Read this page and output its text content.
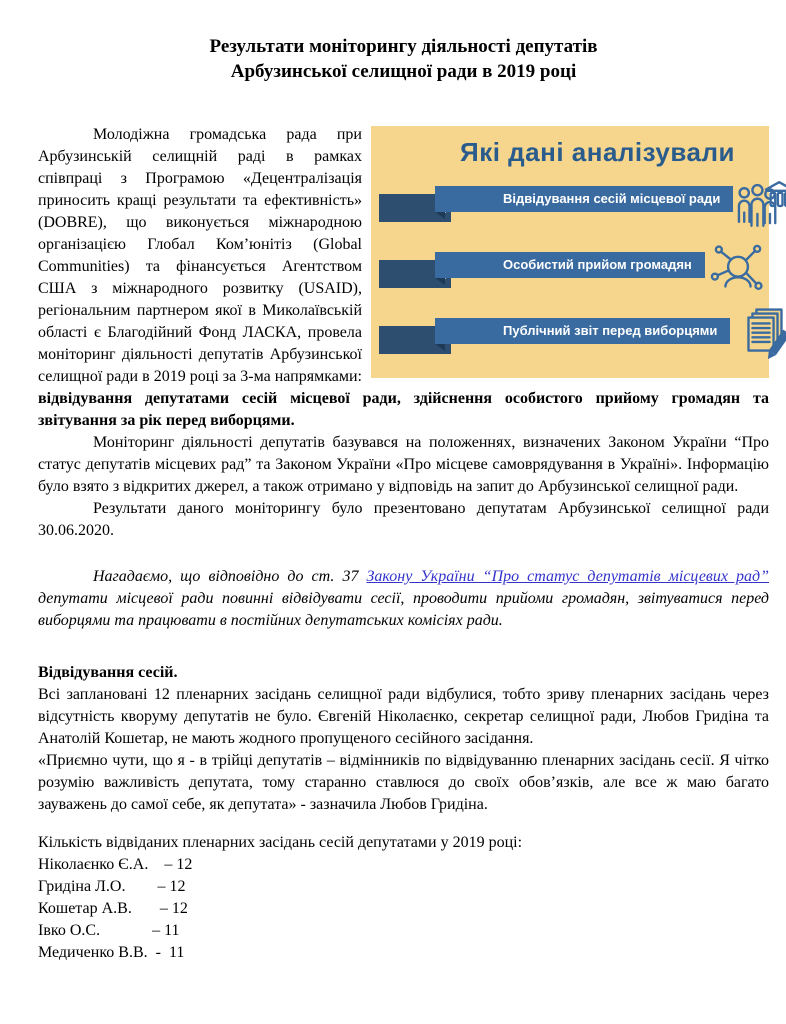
Результати моніторингу діяльності депутатів
Арбузинської селищної ради в 2019 році

Які дані аналізували
Відвідування сесій місцевої ради
Особистий прийом громадян
Публічний звіт перед виборцями
Молодіжна громадська рада при Арбузинській селищній раді в рамках співпраці з Програмою «Децентралізація приносить кращі результати та ефективність» (DOBRE), що виконується міжнародною організацією Глобал Ком’юнітіз (Global Communities) та фінансується Агентством США з міжнародного розвитку (USAID), регіональним партнером якої в Миколаївській області є Благодійний Фонд ЛАСКА, провела моніторинг діяльності депутатів Арбузинської селищної ради в 2019 році за 3-ма напрямками: відвідування депутатами сесій місцевої ради, здійснення особистого прийому громадян та звітування за рік перед виборцями.

Моніторинг діяльності депутатів базувався на положеннях, визначених Законом України “Про статус депутатів місцевих рад” та Законом України «Про місцеве самоврядування в Україні». Інформацію було взято з відкритих джерел, а також отримано у відповідь на запит до Арбузинської селищної ради.

Результати даного моніторингу було презентовано депутатам Арбузинської селищної ради 30.06.2020.

Нагадаємо, що відповідно до ст. 37 Закону України “Про статус депутатів місцевих рад” депутати місцевої ради повинні відвідувати сесії, проводити прийоми громадян, звітуватися перед виборцями та працювати в постійних депутатських комісіях ради.

Відвідування сесій.

Всі заплановані 12 пленарних засідань селищної ради відбулися, тобто зриву пленарних засідань через відсутність кворуму депутатів не було. Євгеній Ніколаєнко, секретар селищної ради, Любов Гридіна та Анатолій Кошетар, не мають жодного пропущеного сесійного засідання.

«Приємно чути, що я - в трійці депутатів – відмінників по відвідуванню пленарних засідань сесії. Я чітко розумію важливість депутата, тому старанно ставлюся до своїх обов’язків, але все ж маю багато зауважень до самої себе, як депутата» - зазначила Любов Гридіна.

Кількість відвіданих пленарних засідань сесій депутатами у 2019 році:
Ніколаєнко Є.А.    – 12
Гридіна Л.О.        – 12
Кошетар А.В.       – 12
Івко О.С.             – 11
Медиченко В.В.  -  11
